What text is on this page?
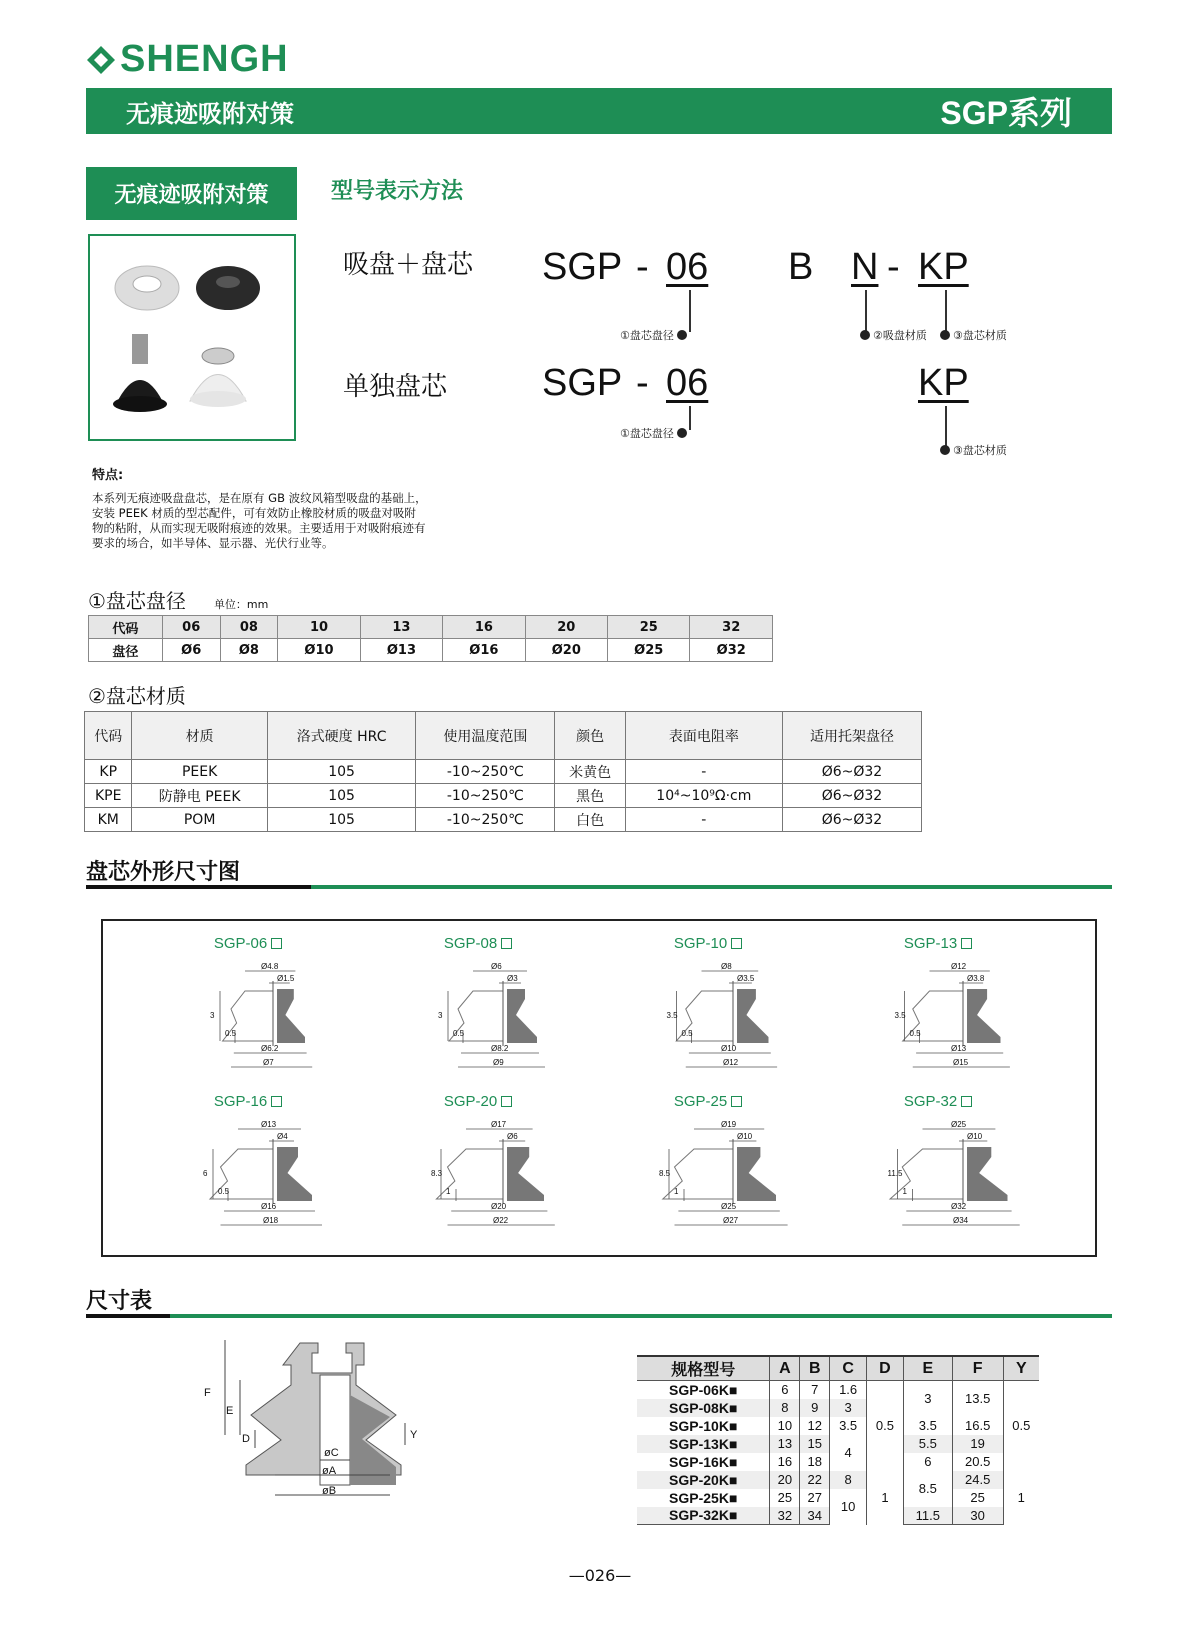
SHENGH
无痕迹吸附对策	SGP系列
无痕迹吸附对策	型号表示方法
吸盘＋盘芯 SGP - 06 B N - KP
①盘芯盘径	②吸盘材质 ③盘芯材质
单独盘芯 SGP - 06	KP
①盘芯盘径
③盘芯材质
特点:
本系列无痕迹吸盘盘芯，是在原有 GB 波纹风箱型吸盘的基础上，安装 PEEK 材质的型芯配件，可有效防止橡胶材质的吸盘对吸附物的粘附，从而实现无吸附痕迹的效果。主要适用于对吸附痕迹有要求的场合，如半导体、显示器、光伏行业等。
①盘芯盘径	单位：mm
代码	06	08	10	13	16	20	25	32
盘径	Ø6	Ø8	Ø10	Ø13	Ø16	Ø20	Ø25	Ø32
②盘芯材质
代码	材质	洛式硬度 HRC	使用温度范围	颜色	表面电阻率	适用托架盘径
KP	PEEK	105	-10~250℃	米黄色	-	Ø6~Ø32
KPE	防静电 PEEK	105	-10~250℃	黑色	10⁴~10⁹Ω·cm	Ø6~Ø32
KM	POM	105	-10~250℃	白色	-	Ø6~Ø32
盘芯外形尺寸图
SGP-06
Ø4.8
Ø1.5
3
0.5
Ø6.2
Ø7
SGP-08
Ø6
Ø3
3
0.5
Ø8.2
Ø9
SGP-10
Ø8
Ø3.5
3.5
0.5
Ø10
Ø12
SGP-13
Ø12
Ø3.8
3.5
0.5
Ø13
Ø15
SGP-16
Ø13
Ø4
6
0.5
Ø16
Ø18
SGP-20
Ø17
Ø6
8.3
1
Ø20
Ø22
SGP-25
Ø19
Ø10
8.5
1
Ø25
Ø27
SGP-32
Ø25
Ø10
11.5
1
Ø32
Ø34
尺寸表
F
E
D
øC
øA
øB
Y
规格型号	A	B	C	D	E	F	Y
SGP-06K■	6	7	1.6	0.5	3	13.5	0.5
SGP-08K■	8	9	3				
SGP-10K■	10	12	3.5		3.5	16.5	
SGP-13K■	13	15	4		5.5	19	
SGP-16K■	16	18			6	20.5	
SGP-20K■	20	22	8	1	8.5	24.5	1
SGP-25K■	25	27	10			25	
SGP-32K■	32	34			11.5	30	
—026—
